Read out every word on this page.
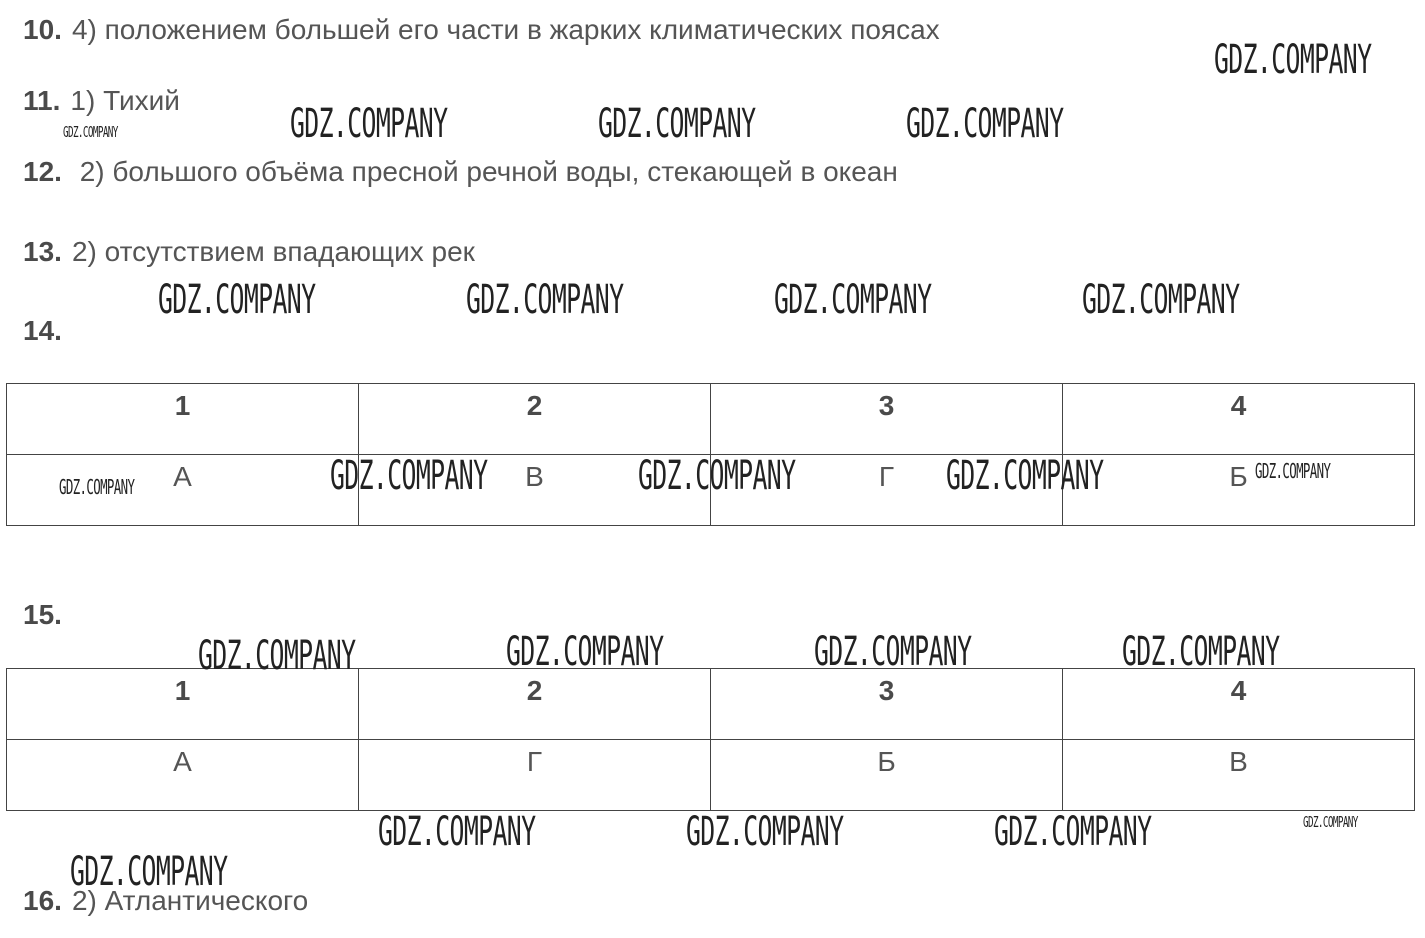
10. 4) положением большей его части в жарких климатических поясах
11. 1) Тихий
12. 2) большого объёма пресной речной воды, стекающей в океан
13. 2) отсутствием впадающих рек
14.
15.
16. 2) Атлантического
1	2	3	4

А	В	Г	Б
1	2	3	4

А	Г	Б	В
GDZ.COMPANY
GDZ.COMPANY	GDZ.COMPANY	GDZ.COMPANY	GDZ.COMPANY
GDZ.COMPANY	GDZ.COMPANY	GDZ.COMPANY	GDZ.COMPANY
GDZ.COMPANY	GDZ.COMPANY	GDZ.COMPANY	GDZ.COMPANY	GDZ.COMPANY
GDZ.COMPANY	GDZ.COMPANY	GDZ.COMPANY	GDZ.COMPANY
GDZ.COMPANY	GDZ.COMPANY	GDZ.COMPANY	GDZ.COMPANY
GDZ.COMPANY
